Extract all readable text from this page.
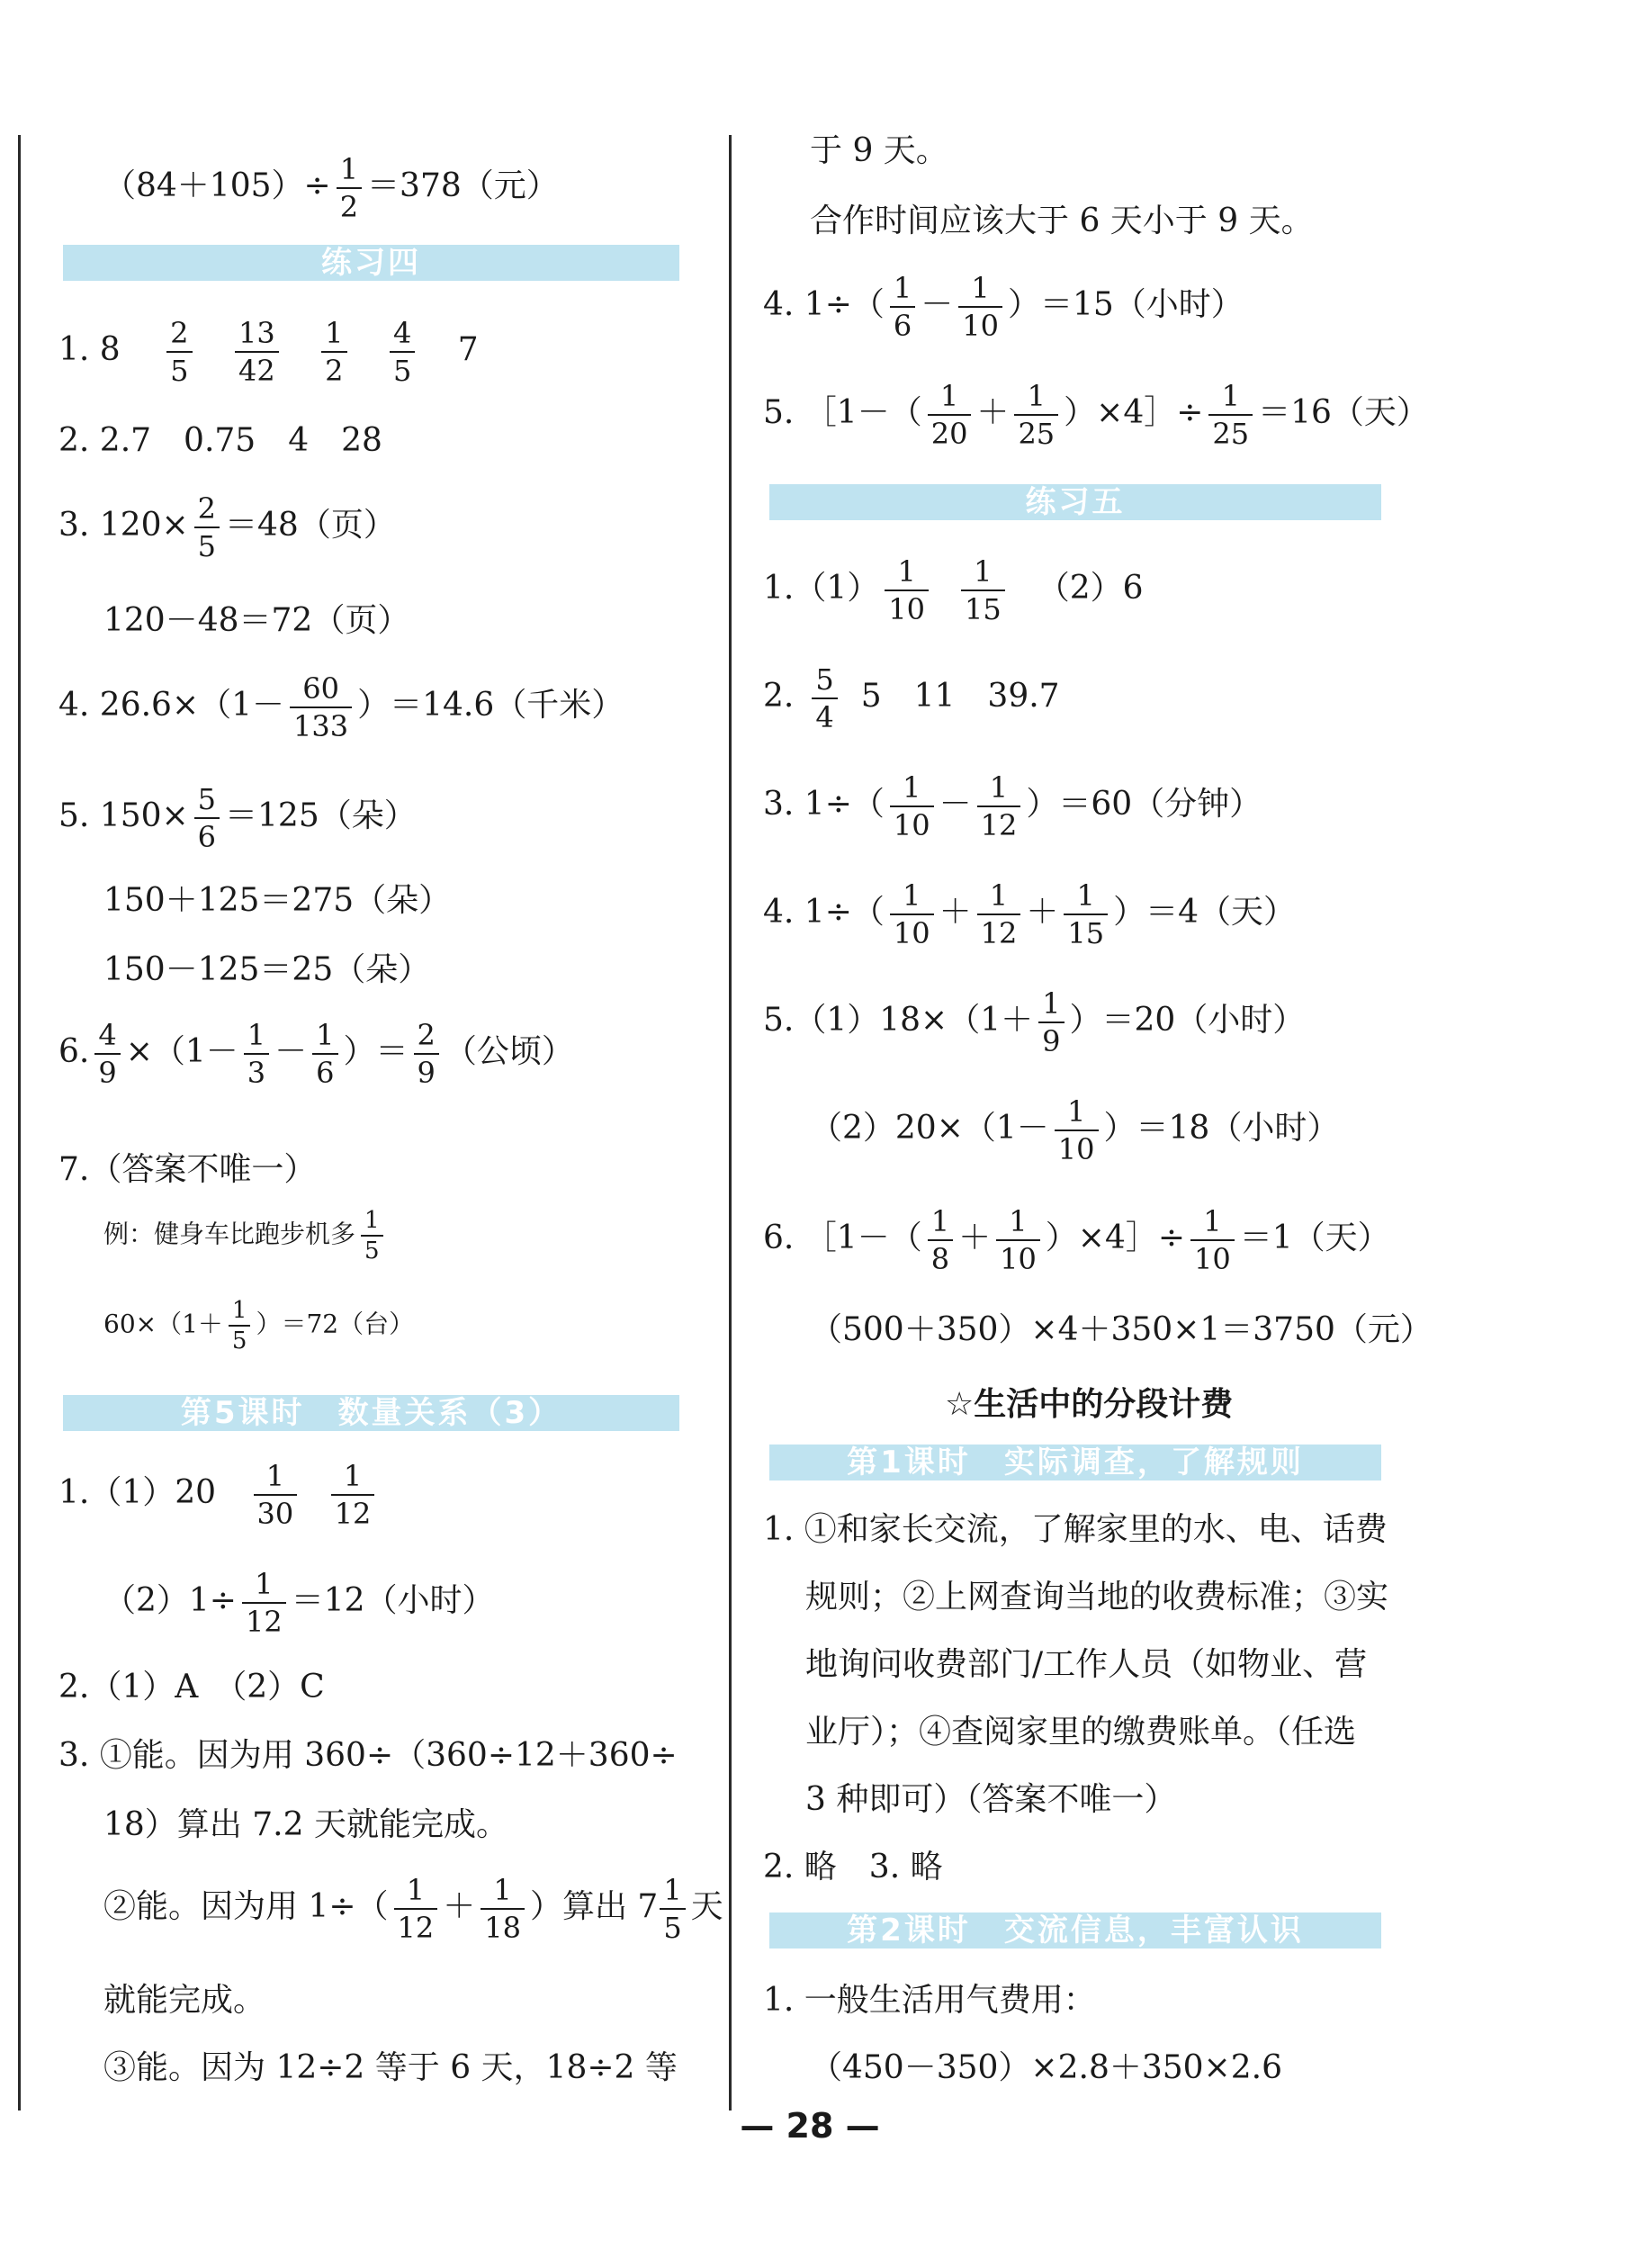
$(84+105)\div \frac{1}{2} =378$（元）
练习四
1. $8 \frac{2}{5}$
$\frac{13}{42}$
$\frac{1}{2}$
$\frac{4}{5} 7$
2. 2.7　0.75　4　28
3. $120\times \frac{2}{5} =48$（页）
120－48＝72（页）
4. $26.6\times(1- \frac{60}{133} )=14.6$（千米）
5. $150\times \frac{5}{6} =125$（朵）
150＋125＝275（朵）
150－125＝25（朵）
6. $\frac{4}{9} \times(1- \frac{1}{3} - \frac{1}{6}$ ）＝ $\frac{2}{9}$ （公顷）
7.（答案不唯一）
例：健身车比跑步机多 $\frac{1}{5}$
$60\times(1+ \frac{1}{5} )=72$（台）
第5课时　数量关系（3）
$1.(1)20 \frac{1}{30}$
$\frac{1}{12}$
$(2)1\div \frac{1}{12} =12$（小时）
2.（1）A　（2）C
3. ①能。因为用 360÷（360÷12＋360÷
18）算出 7.2 天就能完成。
②能。因为用 $1\div( \frac{1}{12} + \frac{1}{18}$ ）算出 $7 \frac{1}{5}$ 天
就能完成。
③能。因为 12÷2 等于 6 天，18÷2 等
于 9 天。
合作时间应该大于 6 天小于 9 天。
4. $1\div( \frac{1}{6} - \frac{1}{10} )=15$（小时）
5. ［1－（ $\frac{1}{20} + \frac{1}{25}$ ）×4］÷ $\frac{1}{25} =16$（天）
练习五
$1.(1) \frac{1}{10} \frac{1}{15} (2)6$
2. $\frac{5}{4} 5$　11　39.7
3. $1\div( \frac{1}{10} - \frac{1}{12} )=60$（分钟）
4. $1\div( \frac{1}{10} + \frac{1}{12} + \frac{1}{15} )=4$（天）
$5.(1)18\times(1+ \frac{1}{9} )=20$（小时）
$(2)20\times(1- \frac{1}{10} )=18$（小时）
6. ［1－（ $\frac{1}{8} + \frac{1}{10}$ ）×4］÷ $\frac{1}{10} =1$（天）
（500＋350）×4＋350×1＝3750（元）
☆生活中的分段计费
第1课时　实际调查，了解规则
1. ①和家长交流，了解家里的水、电、话费
规则；②上网查询当地的收费标准；③实
地询问收费部门/工作人员（如物业、营
业厅）；④查阅家里的缴费账单。（任选
3 种即可）（答案不唯一）
2. 略　3. 略
第2课时　交流信息，丰富认识
1. 一般生活用气费用：
（450－350）×2.8＋350×2.6
— 28 —
